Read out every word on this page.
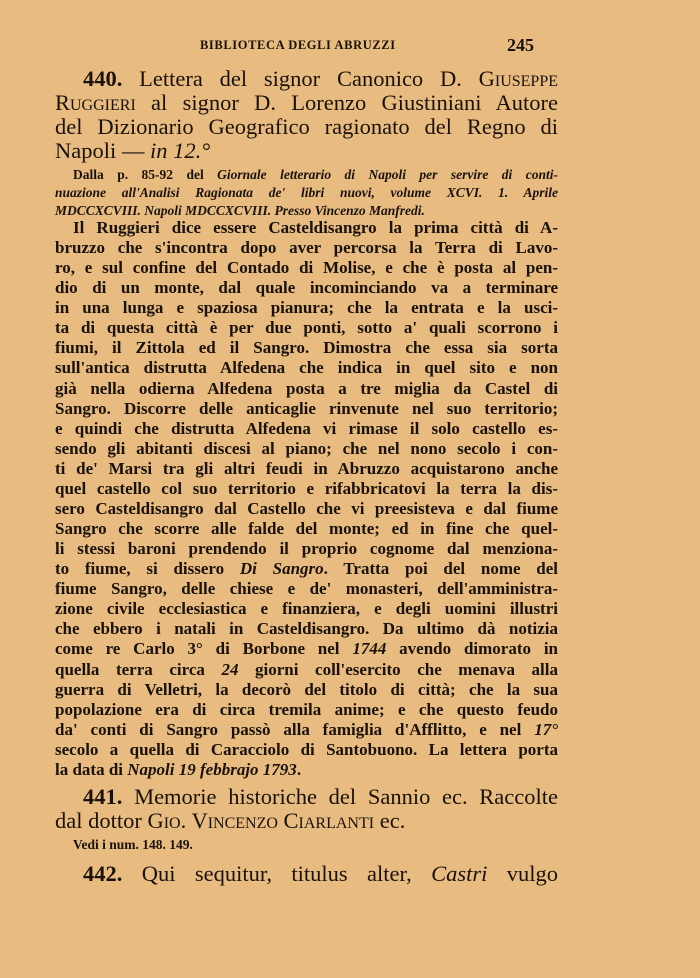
BIBLIOTECA DEGLI ABRUZZI	245
440. Lettera del signor Canonico D. Giuseppe
Ruggieri al signor D. Lorenzo Giustiniani Autore
del Dizionario Geografico ragionato del Regno di
Napoli — in 12.°
Dalla p. 85-92 del Giornale letterario di Napoli per servire di conti-
nuazione all'Analisi Ragionata de' libri nuovi, volume XCVI. 1. Aprile
MDCCXCVIII. Napoli MDCCXCVIII. Presso Vincenzo Manfredi.
Il Ruggieri dice essere Casteldisangro la prima città di A-
bruzzo che s'incontra dopo aver percorsa la Terra di Lavo-
ro, e sul confine del Contado di Molise, e che è posta al pen-
dio di un monte, dal quale incominciando va a terminare
in una lunga e spaziosa pianura; che la entrata e la usci-
ta di questa città è per due ponti, sotto a' quali scorrono i
fiumi, il Zittola ed il Sangro. Dimostra che essa sia sorta
sull'antica distrutta Alfedena che indica in quel sito e non
già nella odierna Alfedena posta a tre miglia da Castel di
Sangro. Discorre delle anticaglie rinvenute nel suo territorio;
e quindi che distrutta Alfedena vi rimase il solo castello es-
sendo gli abitanti discesi al piano; che nel nono secolo i con-
ti de' Marsi tra gli altri feudi in Abruzzo acquistarono anche
quel castello col suo territorio e rifabbricatovi la terra la dis-
sero Casteldisangro dal Castello che vi preesisteva e dal fiume
Sangro che scorre alle falde del monte; ed in fine che quel-
li stessi baroni prendendo il proprio cognome dal menziona-
to fiume, si dissero Di Sangro. Tratta poi del nome del
fiume Sangro, delle chiese e de' monasteri, dell'amministra-
zione civile ecclesiastica e finanziera, e degli uomini illustri
che ebbero i natali in Casteldisangro. Da ultimo dà notizia
come re Carlo 3° di Borbone nel 1744 avendo dimorato in
quella terra circa 24 giorni coll'esercito che menava alla
guerra di Velletri, la decorò del titolo di città; che la sua
popolazione era di circa tremila anime; e che questo feudo
da' conti di Sangro passò alla famiglia d'Afflitto, e nel 17°
secolo a quella di Caracciolo di Santobuono. La lettera porta
la data di Napoli 19 febbrajo 1793.
441. Memorie historiche del Sannio ec. Raccolte
dal dottor Gio. Vincenzo Ciarlanti ec.
Vedi i num. 148. 149.
442. Qui sequitur, titulus alter, Castri vulgo
